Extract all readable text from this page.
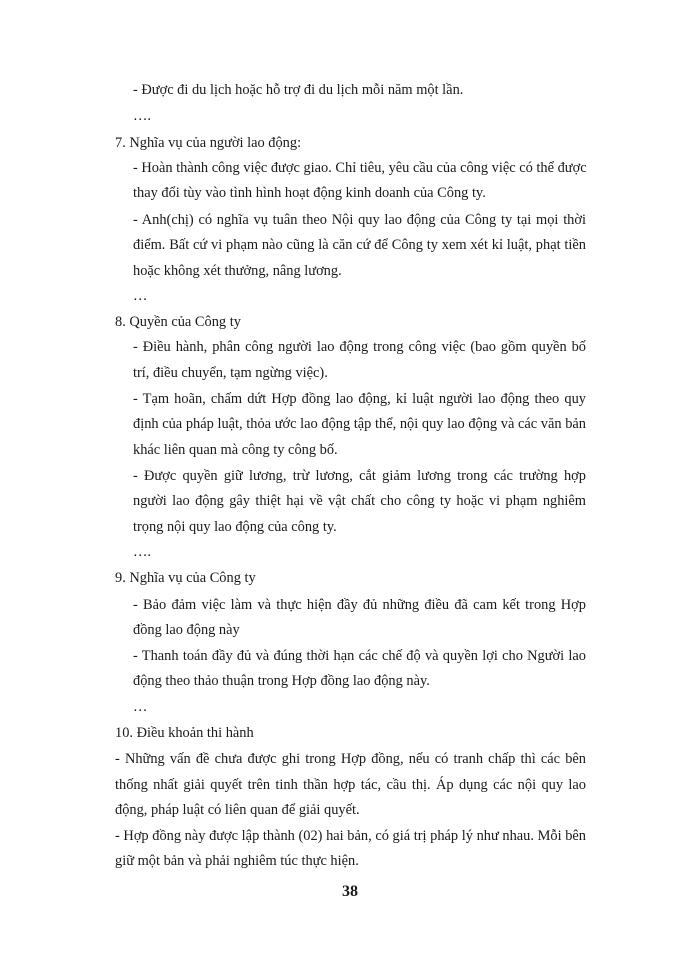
- Được đi du lịch hoặc hỗ trợ đi du lịch mỗi năm một lần.
….
7. Nghĩa vụ của người lao động:
- Hoàn thành công việc được giao. Chỉ tiêu, yêu cầu của công việc có thể được
thay đổi tùy vào tình hình hoạt động kinh doanh của Công ty.
- Anh(chị) có nghĩa vụ tuân theo Nội quy lao động của Công ty tại mọi thời
điểm. Bất cứ vi phạm nào cũng là căn cứ để Công ty xem xét kỉ luật, phạt tiền
hoặc không xét thưởng, nâng lương.
…
8. Quyền của Công ty
- Điều hành, phân công người lao động trong công việc (bao gồm quyền bố
trí, điều chuyển, tạm ngừng việc).
- Tạm hoãn, chấm dứt Hợp đồng lao động, kỉ luật người lao động theo quy
định của pháp luật, thỏa ước lao động tập thể, nội quy lao động và các văn bản
khác liên quan mà công ty công bố.
- Được quyền giữ lương, trừ lương, cắt giảm lương trong các trường hợp
người lao động gây thiệt hại về vật chất cho công ty hoặc vi phạm nghiêm
trọng nội quy lao động của công ty.
….
9. Nghĩa vụ của Công ty
- Bảo đảm việc làm và thực hiện đầy đủ những điều đã cam kết trong Hợp
đồng lao động này
- Thanh toán đầy đủ và đúng thời hạn các chế độ và quyền lợi cho Người lao
động theo thảo thuận trong Hợp đồng lao động này.
…
10. Điều khoản thi hành
- Những vấn đề chưa được ghi trong Hợp đồng, nếu có tranh chấp thì các bên
thống nhất giải quyết trên tinh thần hợp tác, cầu thị. Áp dụng các nội quy lao
động, pháp luật có liên quan để giải quyết.
- Hợp đồng này được lập thành (02) hai bản, có giá trị pháp lý như nhau. Mỗi bên
giữ một bản và phải nghiêm túc thực hiện.
38
